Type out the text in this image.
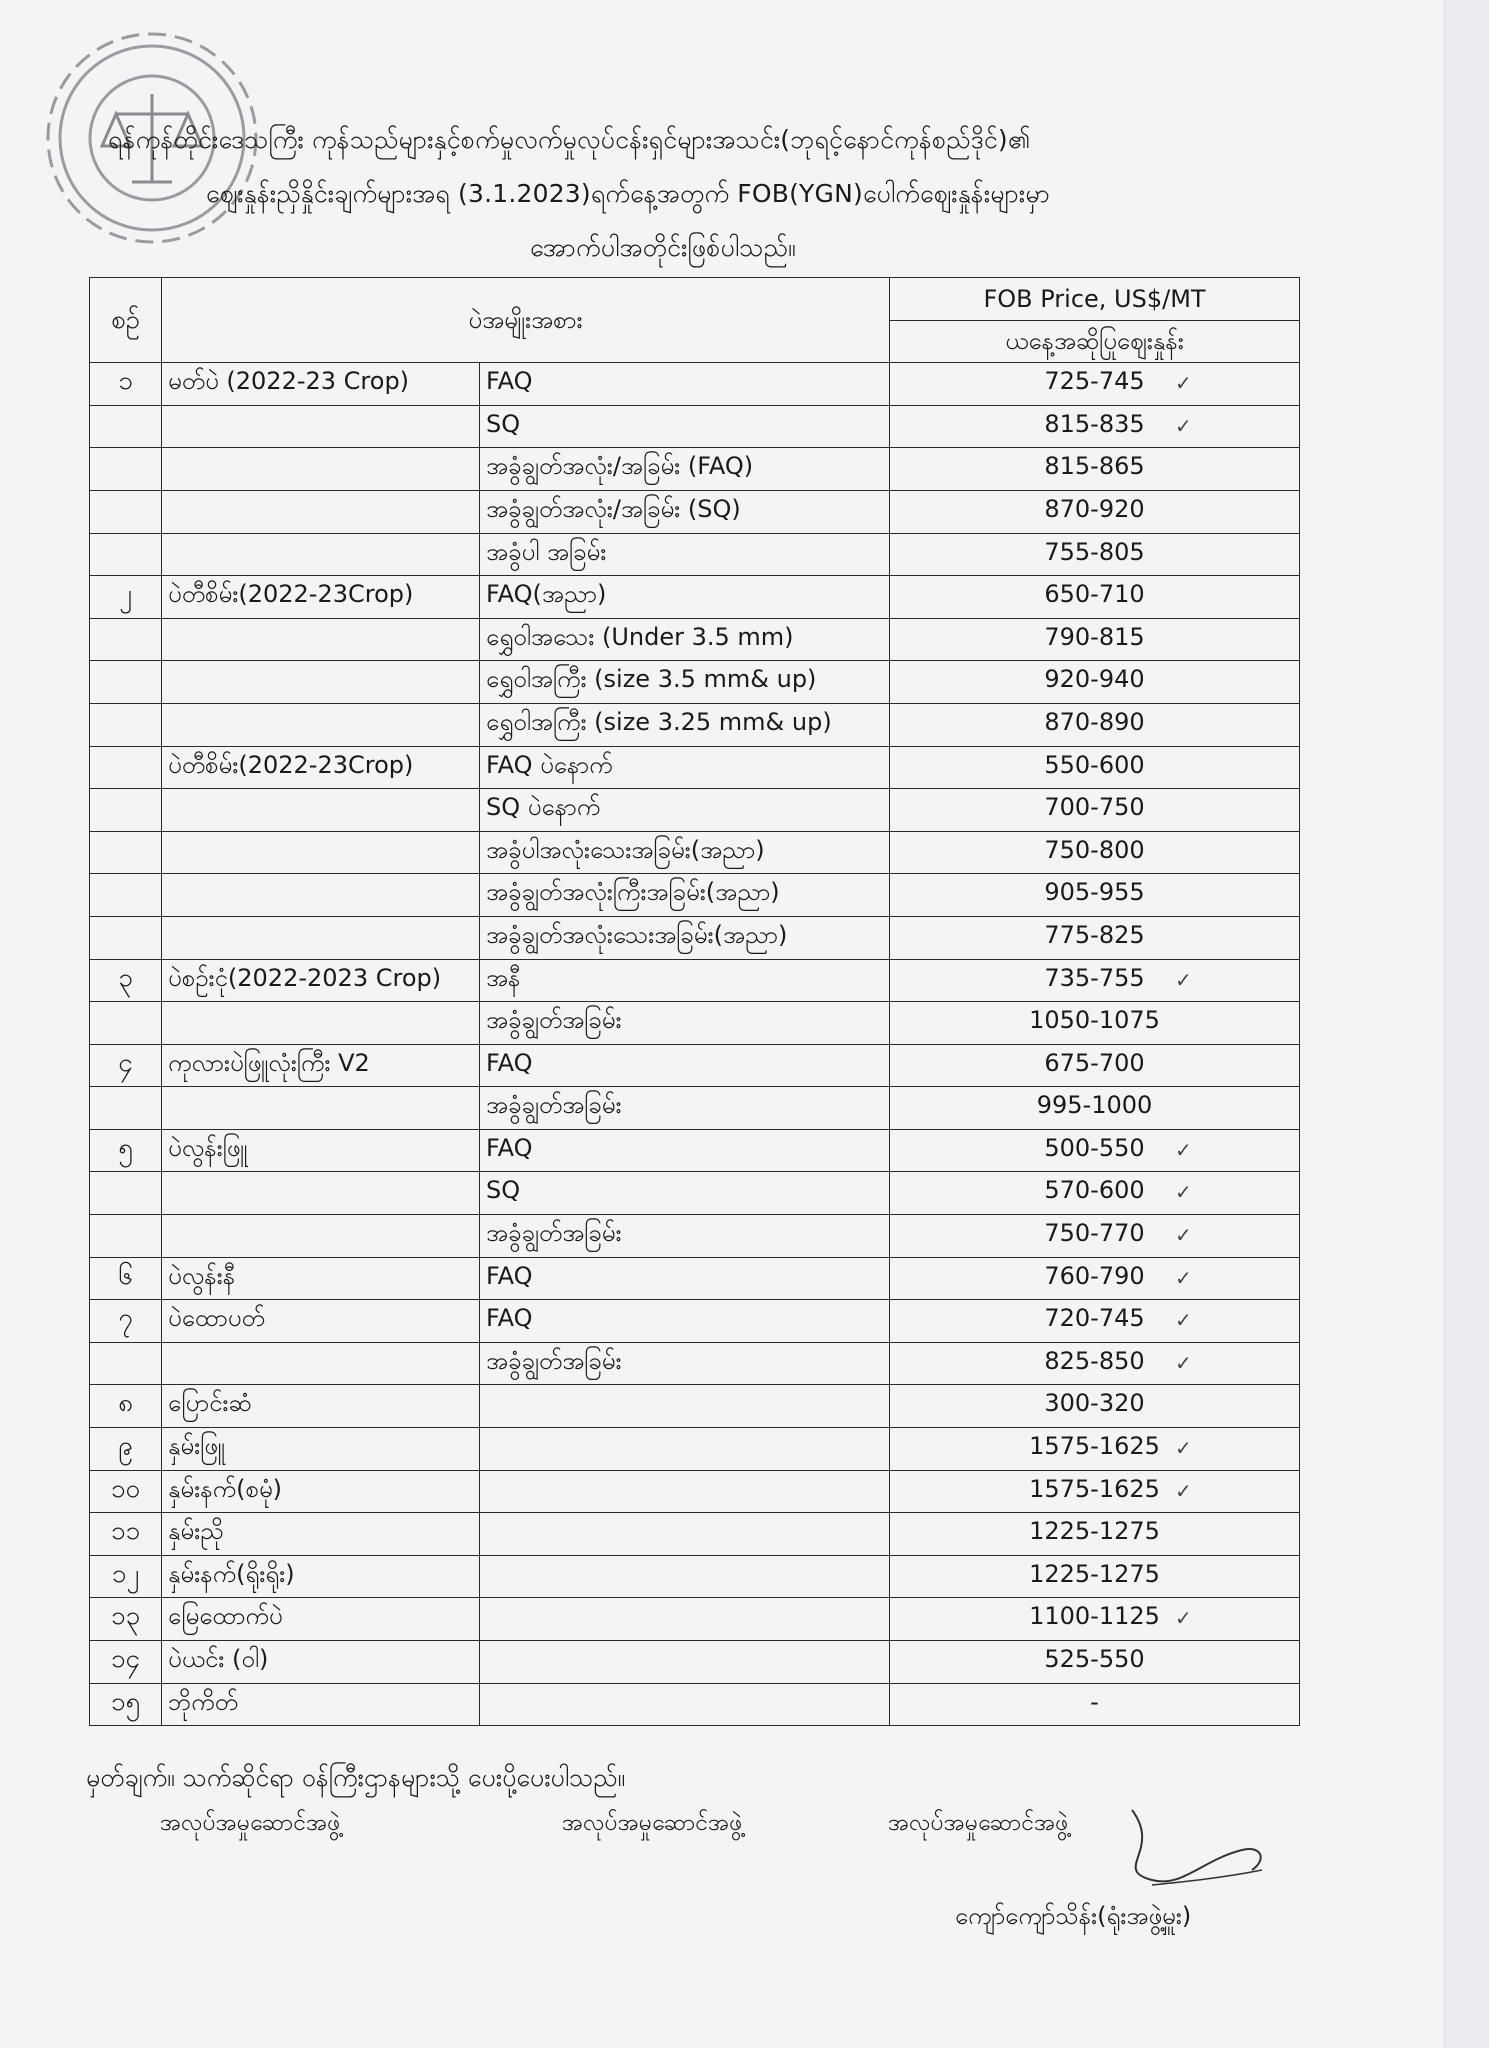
ရန်ကုန်တိုင်းဒေသကြီး ကုန်သည်များနှင့်စက်မှုလက်မှုလုပ်ငန်းရှင်များအသင်း(ဘုရင့်နောင်ကုန်စည်ဒိုင်)၏
ဈေးနှုန်းညှိနှိုင်းချက်များအရ (3.1.2023)ရက်နေ့အတွက် FOB(YGN)ပေါက်ဈေးနှုန်းများမှာ
အောက်ပါအတိုင်းဖြစ်ပါသည်။
စဉ်	ပဲအမျိုးအစား		FOB Price, US$/MT
			ယနေ့အဆိုပြုဈေးနှုန်း
၁	မတ်ပဲ (2022-23 Crop)	FAQ	725-745 ✓

		SQ	815-835 ✓

		အခွံချွတ်အလုံး/အခြမ်း (FAQ)	815-865
		အခွံချွတ်အလုံး/အခြမ်း (SQ)	870-920
		အခွံပါ အခြမ်း	755-805
၂	ပဲတီစိမ်း(2022-23Crop)	FAQ(အညာ)	650-710
		ရွှေဝါအသေး (Under 3.5 mm)	790-815
		ရွှေဝါအကြီး (size 3.5 mm& up)	920-940
		ရွှေဝါအကြီး (size 3.25 mm& up)	870-890
	ပဲတီစိမ်း(2022-23Crop)	FAQ ပဲနောက်	550-600
		SQ ပဲနောက်	700-750
		အခွံပါအလုံးသေးအခြမ်း(အညာ)	750-800
		အခွံချွတ်အလုံးကြီးအခြမ်း(အညာ)	905-955
		အခွံချွတ်အလုံးသေးအခြမ်း(အညာ)	775-825
၃	ပဲစဉ်းငုံ(2022-2023 Crop)	အနီ	735-755 ✓

		အခွံချွတ်အခြမ်း	1050-1075
၄	ကုလားပဲဖြူလုံးကြီး V2	FAQ	675-700
		အခွံချွတ်အခြမ်း	995-1000
၅	ပဲလွန်းဖြူ	FAQ	500-550 ✓

		SQ	570-600 ✓

		အခွံချွတ်အခြမ်း	750-770 ✓

၆	ပဲလွန်းနီ	FAQ	760-790 ✓

၇	ပဲထောပတ်	FAQ	720-745 ✓

		အခွံချွတ်အခြမ်း	825-850 ✓

၈	ပြောင်းဆံ		300-320
၉	နှမ်းဖြူ		1575-1625 ✓

၁၀	နှမ်းနက်(စမုံ)		1575-1625 ✓

၁၁	နှမ်းညို		1225-1275
၁၂	နှမ်းနက်(ရိုးရိုး)		1225-1275
၁၃	မြေထောက်ပဲ		1100-1125 ✓

၁၄	ပဲယင်း (ဝါ)		525-550
၁၅	ဘိုကိတ်		-
မှတ်ချက်။ သက်ဆိုင်ရာ ဝန်ကြီးဌာနများသို့ ပေးပို့ပေးပါသည်။
အလုပ်အမှုဆောင်အဖွဲ့	အလုပ်အမှုဆောင်အဖွဲ့	အလုပ်အမှုဆောင်အဖွဲ့
ကျော်ကျော်သိန်း(ရုံးအဖွဲ့မှူး)
